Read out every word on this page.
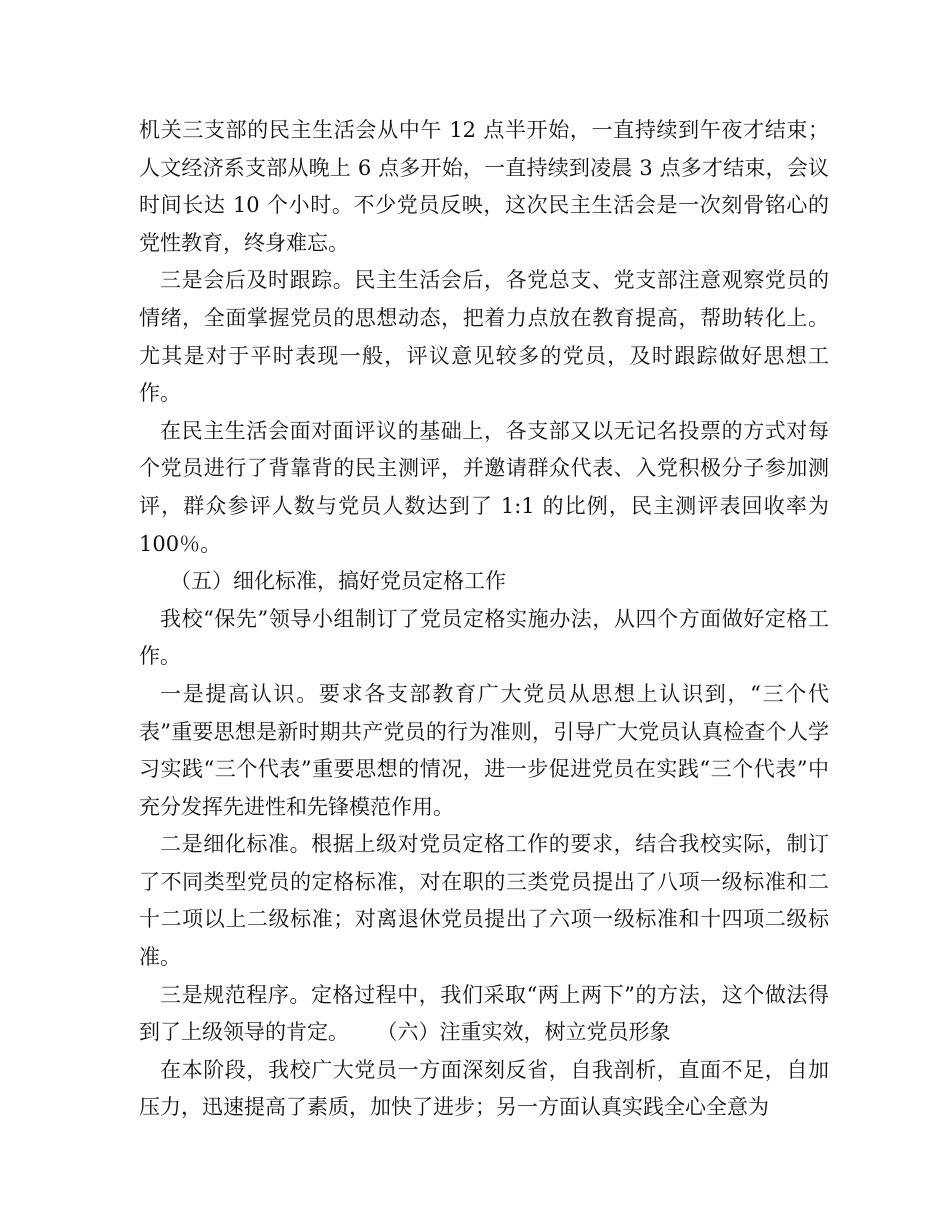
机关三支部的民主生活会从中午 12 点半开始，一直持续到午夜才结束；人文经济系支部从晚上 6 点多开始，一直持续到凌晨 3 点多才结束，会议时间长达 10 个小时。不少党员反映，这次民主生活会是一次刻骨铭心的党性教育，终身难忘。

三是会后及时跟踪。民主生活会后，各党总支、党支部注意观察党员的情绪，全面掌握党员的思想动态，把着力点放在教育提高，帮助转化上。尤其是对于平时表现一般，评议意见较多的党员，及时跟踪做好思想工作。

在民主生活会面对面评议的基础上，各支部又以无记名投票的方式对每个党员进行了背靠背的民主测评，并邀请群众代表、入党积极分子参加测评，群众参评人数与党员人数达到了 1:1 的比例，民主测评表回收率为 100％。

（五）细化标准，搞好党员定格工作

我校“保先”领导小组制订了党员定格实施办法，从四个方面做好定格工作。

一是提高认识。要求各支部教育广大党员从思想上认识到，“三个代表”重要思想是新时期共产党员的行为准则，引导广大党员认真检查个人学习实践“三个代表”重要思想的情况，进一步促进党员在实践“三个代表”中充分发挥先进性和先锋模范作用。

二是细化标准。根据上级对党员定格工作的要求，结合我校实际，制订了不同类型党员的定格标准，对在职的三类党员提出了八项一级标准和二十二项以上二级标准；对离退休党员提出了六项一级标准和十四项二级标准。

三是规范程序。定格过程中，我们采取“两上两下”的方法，这个做法得到了上级领导的肯定。 （六）注重实效，树立党员形象

在本阶段，我校广大党员一方面深刻反省，自我剖析，直面不足，自加压力，迅速提高了素质，加快了进步；另一方面认真实践全心全意为
